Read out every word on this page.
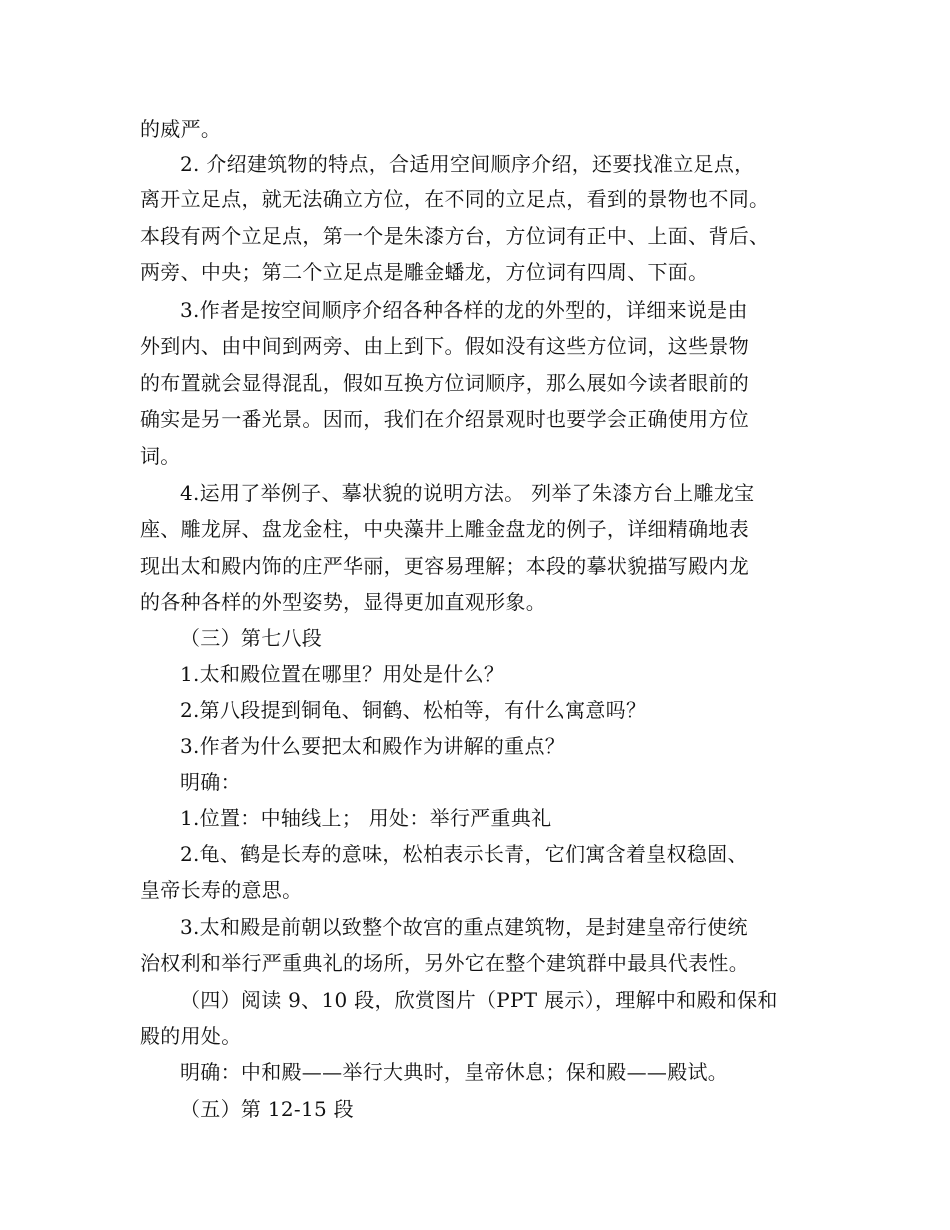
的威严。
2. 介绍建筑物的特点，合适用空间顺序介绍，还要找准立足点，
离开立足点，就无法确立方位，在不同的立足点，看到的景物也不同。
本段有两个立足点，第一个是朱漆方台，方位词有正中、上面、背后、
两旁、中央；第二个立足点是雕金蟠龙，方位词有四周、下面。
3.作者是按空间顺序介绍各种各样的龙的外型的，详细来说是由
外到内、由中间到两旁、由上到下。假如没有这些方位词，这些景物
的布置就会显得混乱，假如互换方位词顺序，那么展如今读者眼前的
确实是另一番光景。因而，我们在介绍景观时也要学会正确使用方位
词。
4.运用了举例子、摹状貌的说明方法。 列举了朱漆方台上雕龙宝
座、雕龙屏、盘龙金柱，中央藻井上雕金盘龙的例子，详细精确地表
现出太和殿内饰的庄严华丽，更容易理解；本段的摹状貌描写殿内龙
的各种各样的外型姿势，显得更加直观形象。
（三）第七八段
1.太和殿位置在哪里？用处是什么？
2.第八段提到铜龟、铜鹤、松柏等，有什么寓意吗？
3.作者为什么要把太和殿作为讲解的重点？
明确：
1.位置：中轴线上； 用处：举行严重典礼
2.龟、鹤是长寿的意味，松柏表示长青，它们寓含着皇权稳固、
皇帝长寿的意思。
3.太和殿是前朝以致整个故宫的重点建筑物，是封建皇帝行使统
治权利和举行严重典礼的场所，另外它在整个建筑群中最具代表性。
（四）阅读 9、10 段，欣赏图片（PPT 展示），理解中和殿和保和
殿的用处。
明确：中和殿——举行大典时，皇帝休息；保和殿——殿试。
（五）第 12-15 段
